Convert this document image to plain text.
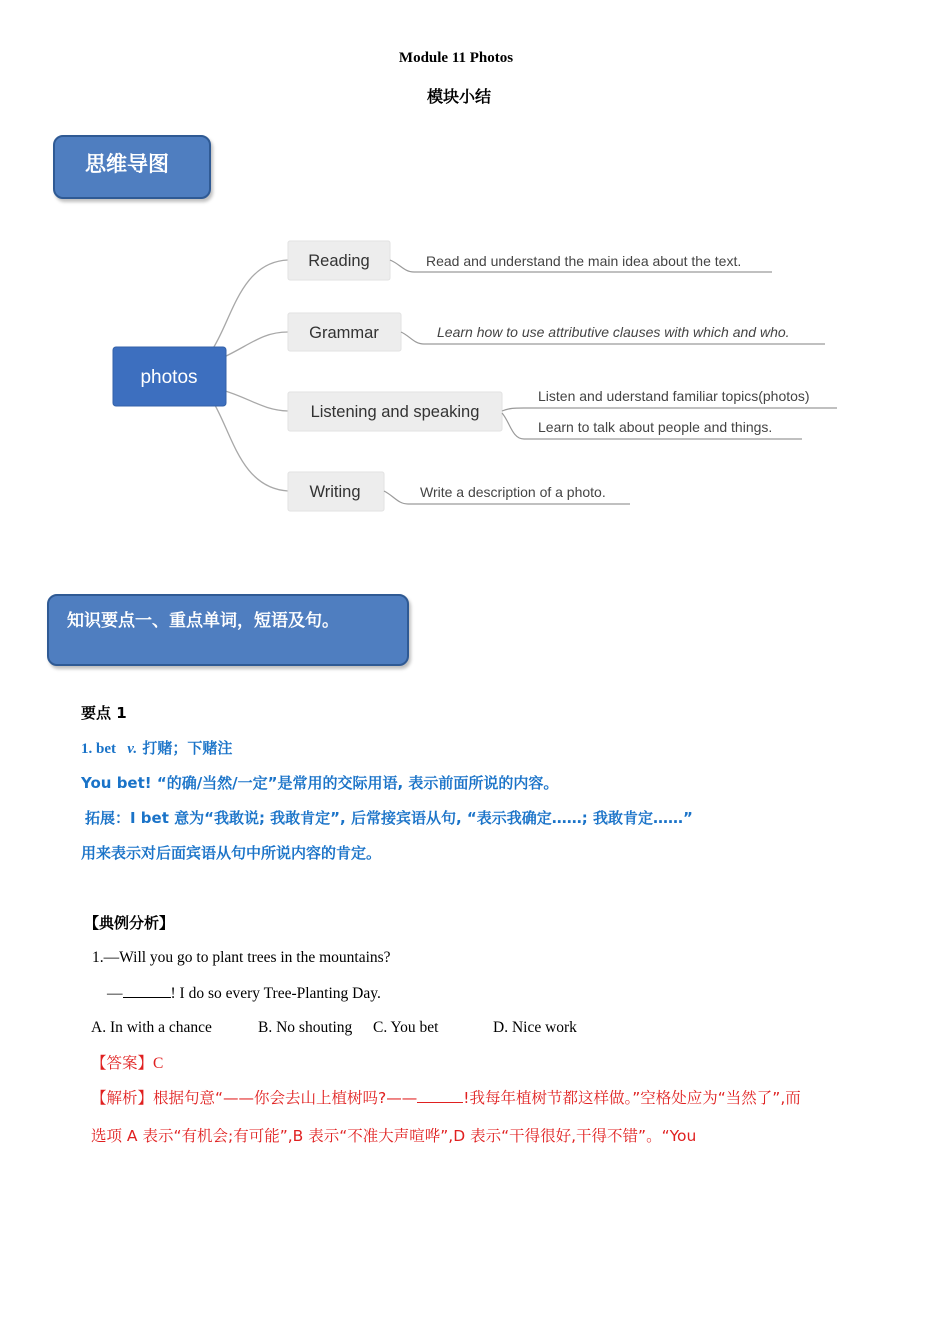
Module 11 Photos
模块小结
思维导图
photos
Reading	Read and understand the main idea about the text.
Grammar	Learn how to use attributive clauses with which and who.
Listening and speaking
Listen and uderstand familiar topics(photos)
Learn to talk about people and things.
Writing	Write a description of a photo.
知识要点一、重点单词，短语及句。
要点 1
1. bet v. 打赌；下赌注
You bet! “的确/当然/一定”是常用的交际用语, 表示前面所说的内容。
拓展：I bet 意为“我敢说; 我敢肯定”, 后常接宾语从句, “表示我确定……; 我敢肯定……”
用来表示对后面宾语从句中所说内容的肯定。
【典例分析】
1.—Will you go to plant trees in the mountains?
—	! I do so every Tree-Planting Day.
A. In with a chance	B. No shouting C. You bet	D. Nice work
【答案】C
【解析】根据句意“——你会去山上植树吗?——	!我每年植树节都这样做。”空格处应为“当然了”,而
选项 A 表示“有机会;有可能”,B 表示“不准大声喧哗”,D 表示“干得很好,干得不错”。“You
